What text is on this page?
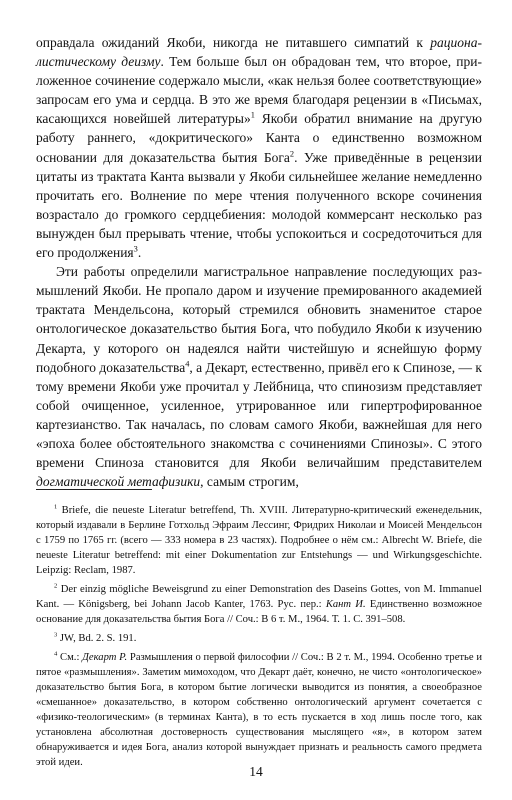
оправдала ожиданий Якоби, никогда не питавшего симпатий к рационалистическому деизму. Тем больше был он обрадован тем, что второе, приложенное сочинение содержало мысли, «как нельзя более соответствующие» запросам его ума и сердца. В это же время благодаря рецензии в «Письмах, касающихся новейшей литературы»$^1$ Якоби обратил внимание на другую работу раннего, «докритического» Канта о единственно возможном основании для доказательства бытия Бога$^2$. Уже приведённые в рецензии цитаты из трактата Канта вызвали у Якоби сильнейшее желание немедленно прочитать его. Волнение по мере чтения полученного вскоре сочинения возрастало до громкого сердцебиения: молодой коммерсант несколько раз вынужден был прерывать чтение, чтобы успокоиться и сосредоточиться для его продолжения$^3$.

Эти работы определили магистральное направление последующих размышлений Якоби. Не пропало даром и изучение премированного академией трактата Мендельсона, который стремился обновить знаменитое старое онтологическое доказательство бытия Бога, что побудило Якоби к изучению Декарта, у которого он надеялся найти чистейшую и яснейшую форму подобного доказательства$^4$, а Декарт, естественно, привёл его к Спинозе, — к тому времени Якоби уже прочитал у Лейбница, что спинозизм представляет собой очищенное, усиленное, утрированное или гипертрофированное картезианство. Так началась, по словам самого Якоби, важнейшая для него «эпоха более обстоятельного знакомства с сочинениями Спинозы». С этого времени Спиноза становится для Якоби величайшим представителем догматической метафизики, самым строгим,

$^1$ Briefe, die neueste Literatur betreffend, Th. XVIII. Литературно-критический еженедельник, который издавали в Берлине Готхольд Эфраим Лессинг, Фридрих Николаи и Моисей Мендельсон с 1759 по 1765 гг. (всего — 333 номера в 23 частях). Подробнее о нём см.: Albrecht W. Briefe, die neueste Literatur betreffend: mit einer Dokumentation zur Entstehungs — und Wirkungsgeschichte. Leipzig: Reclam, 1987.

$^2$ Der einzig mögliche Beweisgrund zu einer Demonstration des Daseins Gottes, von M. Immanuel Kant. — Königsberg, bei Johann Jacob Kanter, 1763. Рус. пер.: Кант И. Единственно возможное основание для доказательства бытия Бога // Соч.: В 6 т. М., 1964. Т. 1. С. 391–508.

$^3$ JW, Bd. 2. S. 191.

$^4$ См.: Декарт Р. Размышления о первой философии // Соч.: В 2 т. М., 1994. Особенно третье и пятое «размышления». Заметим мимоходом, что Декарт даёт, конечно, не чисто «онтологическое» доказательство бытия Бога, в котором бытие логически выводится из понятия, а своеобразное «смешанное» доказательство, в котором собственно онтологический аргумент сочетается с «физико-теологическим» (в терминах Канта), в то есть пускается в ход лишь после того, как установлена абсолютная достоверность существования мыслящего «я», в котором затем обнаруживается и идея Бога, анализ которой вынуждает признать и реальность самого предмета этой идеи.

14
